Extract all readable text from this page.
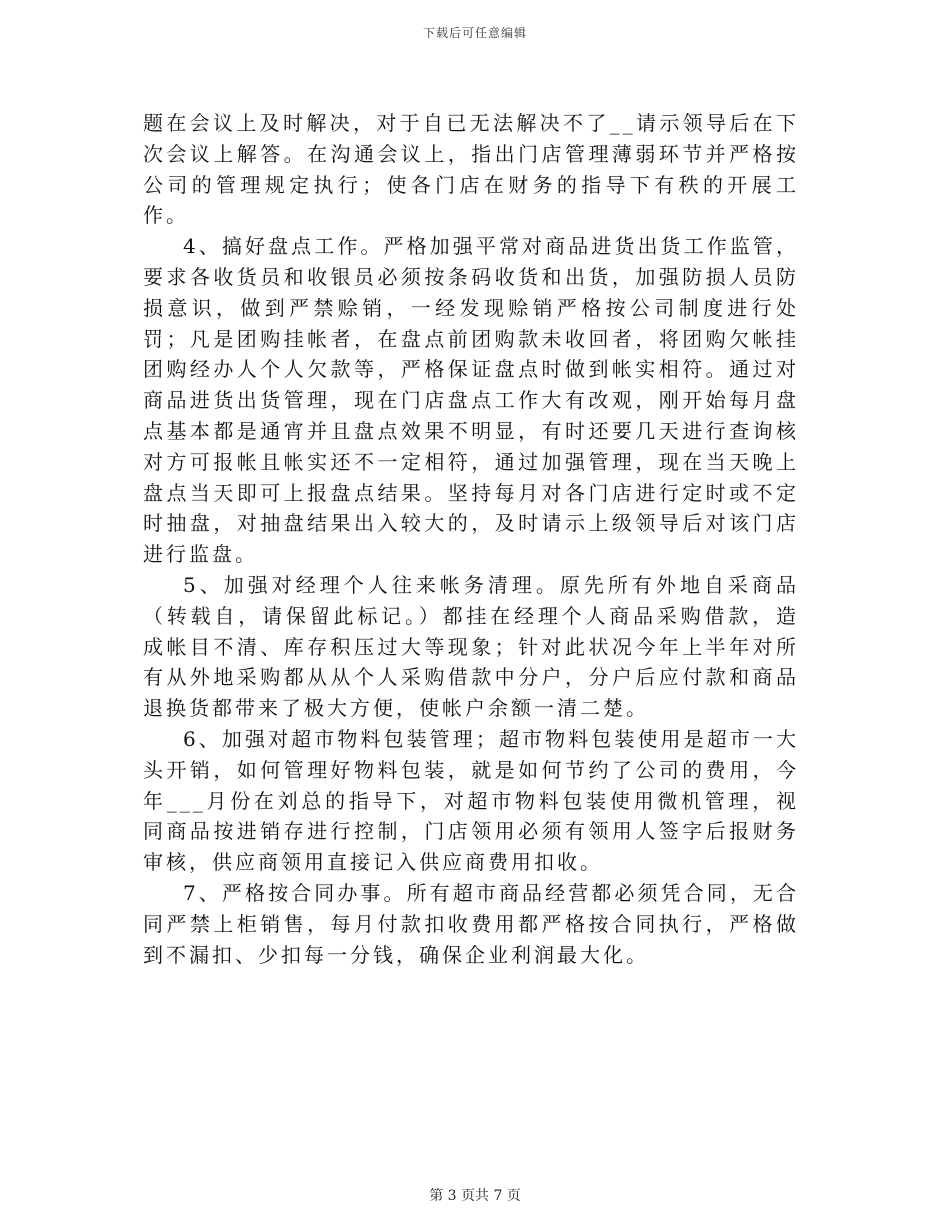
下载后可任意编辑

题在会议上及时解决，对于自已无法解决不了__请示领导后在下次会议上解答。在沟通会议上，指出门店管理薄弱环节并严格按公司的管理规定执行；使各门店在财务的指导下有秩的开展工作。

4、搞好盘点工作。严格加强平常对商品进货出货工作监管，要求各收货员和收银员必须按条码收货和出货，加强防损人员防损意识，做到严禁赊销，一经发现赊销严格按公司制度进行处罚；凡是团购挂帐者，在盘点前团购款未收回者，将团购欠帐挂团购经办人个人欠款等，严格保证盘点时做到帐实相符。通过对商品进货出货管理，现在门店盘点工作大有改观，刚开始每月盘点基本都是通宵并且盘点效果不明显，有时还要几天进行查询核对方可报帐且帐实还不一定相符，通过加强管理，现在当天晚上盘点当天即可上报盘点结果。坚持每月对各门店进行定时或不定时抽盘，对抽盘结果出入较大的，及时请示上级领导后对该门店进行监盘。

5、加强对经理个人往来帐务清理。原先所有外地自采商品（转载自，请保留此标记。）都挂在经理个人商品采购借款，造成帐目不清、库存积压过大等现象；针对此状况今年上半年对所有从外地采购都从从个人采购借款中分户，分户后应付款和商品退换货都带来了极大方便，使帐户余额一清二楚。

6、加强对超市物料包装管理；超市物料包装使用是超市一大头开销，如何管理好物料包装，就是如何节约了公司的费用，今年___月份在刘总的指导下，对超市物料包装使用微机管理，视同商品按进销存进行控制，门店领用必须有领用人签字后报财务审核，供应商领用直接记入供应商费用扣收。

7、严格按合同办事。所有超市商品经营都必须凭合同，无合同严禁上柜销售，每月付款扣收费用都严格按合同执行，严格做到不漏扣、少扣每一分钱，确保企业利润最大化。

第 3 页共 7 页
